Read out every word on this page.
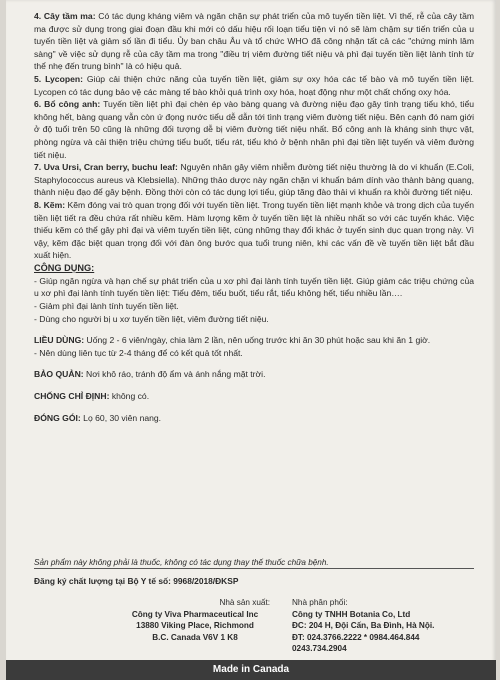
4. Cây tầm ma: Có tác dụng kháng viêm và ngăn chặn sự phát triển của mô tuyến tiền liệt. Vì thế, rễ của cây tầm ma được sử dụng trong giai đoạn đầu khi mới có dấu hiệu rối loạn tiểu tiện vì nó sẽ làm chậm sự tiến triển của u tuyến tiền liệt và giảm số lần đi tiểu. Ủy ban châu Âu và tổ chức WHO đã công nhận tất cả các "chứng minh lâm sàng" về việc sử dụng rễ của cây tầm ma trong "điều trị viêm đường tiết niệu và phì đại tuyến tiền liệt lành tính từ thể nhẹ đến trung bình" là có hiệu quả.

5. Lycopen: Giúp cải thiện chức năng của tuyến tiền liệt, giảm sự oxy hóa các tế bào và mô tuyến tiền liệt. Lycopen có tác dụng bảo vệ các màng tế bào khỏi quá trình oxy hóa, hoạt động như một chất chống oxy hóa.

6. Bổ công anh: Tuyến tiền liệt phì đại chèn ép vào bàng quang và đường niệu đạo gây tình trạng tiểu khó, tiểu không hết, bàng quang vẫn còn ứ đọng nước tiểu dễ dẫn tới tình trạng viêm đường tiết niệu. Bên cạnh đó nam giới ở độ tuổi trên 50 cũng là những đối tượng dễ bị viêm đường tiết niệu nhất. Bổ công anh là kháng sinh thực vật, phòng ngừa và cải thiện triệu chứng tiểu buốt, tiểu rát, tiểu khó ở bệnh nhân phì đại tiền liệt tuyến và viêm đường tiết niệu.

7. Uva Ursi, Cran berry, buchu leaf: Nguyên nhân gây viêm nhiễm đường tiết niệu thường là do vi khuẩn (E.Coli, Staphylococcus aureus và Klebsiella). Những thảo dược này ngăn chặn vi khuẩn bám dính vào thành bàng quang, thành niệu đạo để gây bệnh. Đồng thời còn có tác dụng lợi tiểu, giúp tăng đào thải vi khuẩn ra khỏi đường tiết niệu.

8. Kẽm: Kẽm đóng vai trò quan trọng đối với tuyến tiền liệt. Trong tuyến tiền liệt mạnh khỏe và trong dịch của tuyến tiền liệt tiết ra đều chứa rất nhiều kẽm. Hàm lượng kẽm ở tuyến tiền liệt là nhiều nhất so với các tuyến khác. Việc thiếu kẽm có thể gây phì đại và viêm tuyến tiền liệt, cùng những thay đổi khác ở tuyến sinh dục quan trọng này. Vì vậy, kẽm đặc biệt quan trọng đối với đàn ông bước qua tuổi trung niên, khi các vấn đề về tuyến tiền liệt bắt đầu xuất hiện.

CÔNG DỤNG:

- Giúp ngăn ngừa và hạn chế sự phát triển của u xơ phì đại lành tính tuyến tiền liệt. Giúp giảm các triệu chứng của u xơ phì đại lành tính tuyến tiền liệt: Tiểu đêm, tiểu buốt, tiểu rắt, tiểu không hết, tiểu nhiều lần….

- Giảm phì đại lành tính tuyến tiền liệt.

- Dùng cho người bị u xơ tuyến tiền liệt, viêm đường tiết niệu.

LIỀU DÙNG: Uống 2 - 6 viên/ngày, chia làm 2 lần, nên uống trước khi ăn 30 phút hoặc sau khi ăn 1 giờ.

- Nên dùng liên tục từ 2-4 tháng để có kết quả tốt nhất.

BẢO QUẢN: Nơi khô ráo, tránh độ ẩm và ánh nắng mặt trời.

CHỐNG CHỈ ĐỊNH: không có.

ĐÓNG GÓI: Lọ 60, 30 viên nang.

Sản phẩm này không phải là thuốc, không có tác dụng thay thế thuốc chữa bệnh.
Đăng ký chất lượng tại Bộ Y tế số: 9968/2018/ĐKSP
Nhà sản xuất:
Công ty Viva Pharmaceutical Inc
13880 Viking Place, Richmond
B.C. Canada V6V 1 K8
Nhà phân phối:
Công ty TNHH Botania Co, Ltd
ĐC: 204 H, Đội Cấn, Ba Đình, Hà Nội.
ĐT: 024.3766.2222 * 0984.464.844
0243.734.2904
Made in Canada
